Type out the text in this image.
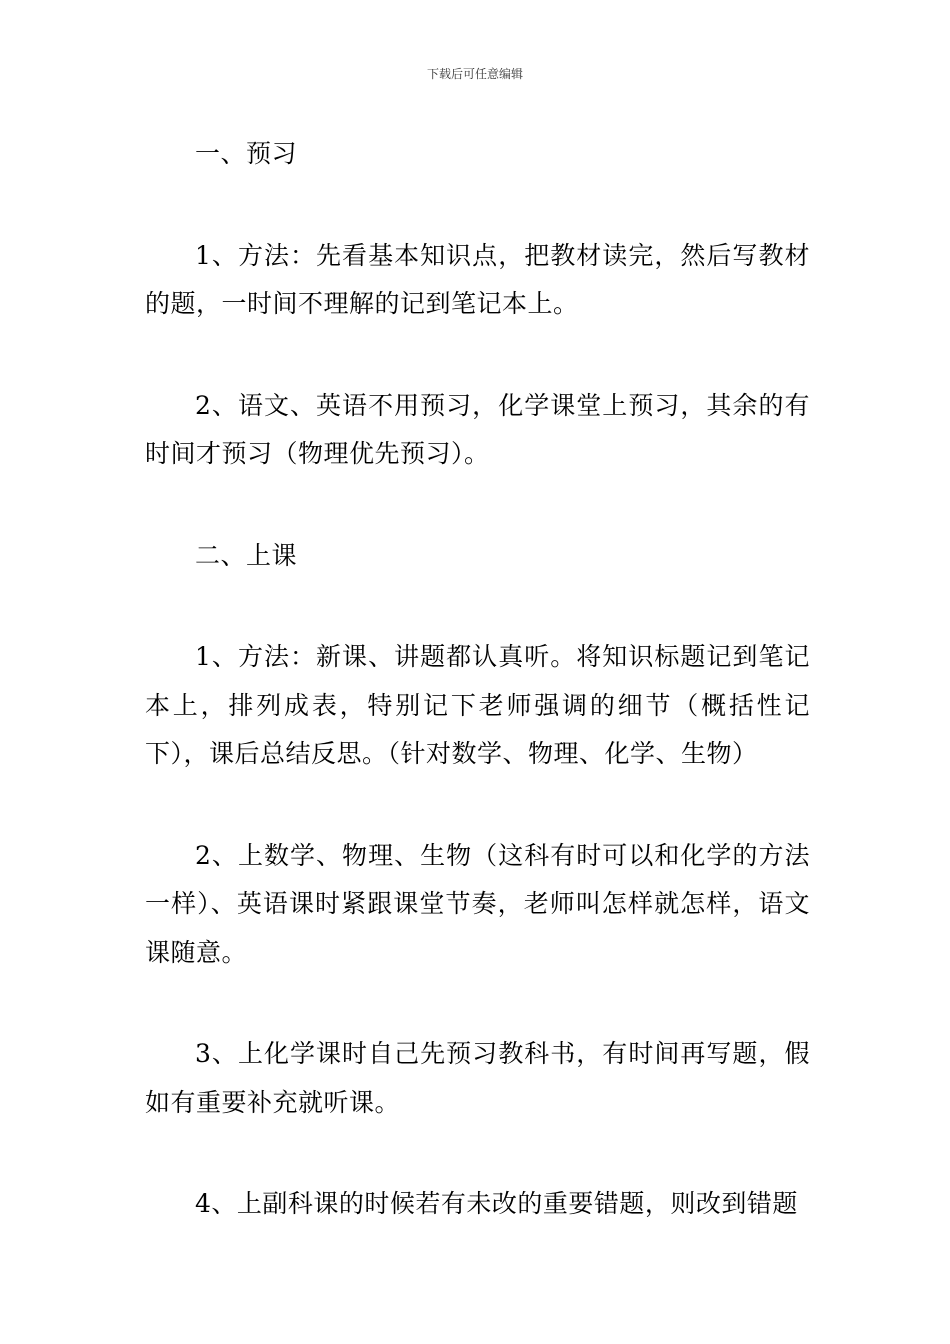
下载后可任意编辑

一、预习

1、方法：先看基本知识点，把教材读完，然后写教材的题，一时间不理解的记到笔记本上。

2、语文、英语不用预习，化学课堂上预习，其余的有时间才预习（物理优先预习）。

二、上课

1、方法：新课、讲题都认真听。将知识标题记到笔记本上，排列成表，特别记下老师强调的细节（概括性记下），课后总结反思。（针对数学、物理、化学、生物）

2、上数学、物理、生物（这科有时可以和化学的方法一样）、英语课时紧跟课堂节奏，老师叫怎样就怎样，语文课随意。

3、上化学课时自己先预习教科书，有时间再写题，假如有重要补充就听课。

4、上副科课的时候若有未改的重要错题，则改到错题
